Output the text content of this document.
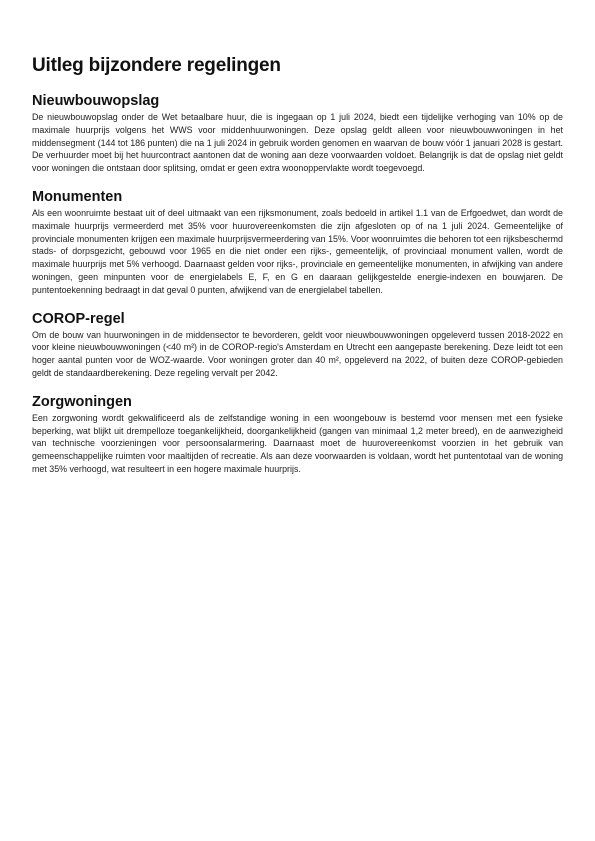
Uitleg bijzondere regelingen
Nieuwbouwopslag

De nieuwbouwopslag onder de Wet betaalbare huur, die is ingegaan op 1 juli 2024, biedt een tijdelijke verhoging van 10% op de maximale huurprijs volgens het WWS voor middenhuurwoningen. Deze opslag geldt alleen voor nieuwbouwwoningen in het middensegment (144 tot 186 punten) die na 1 juli 2024 in gebruik worden genomen en waarvan de bouw vóór 1 januari 2028 is gestart. De verhuurder moet bij het huurcontract aantonen dat de woning aan deze voorwaarden voldoet. Belangrijk is dat de opslag niet geldt voor woningen die ontstaan door splitsing, omdat er geen extra woonoppervlakte wordt toegevoegd.

Monumenten

Als een woonruimte bestaat uit of deel uitmaakt van een rijksmonument, zoals bedoeld in artikel 1.1 van de Erfgoedwet, dan wordt de maximale huurprijs vermeerderd met 35% voor huurovereenkomsten die zijn afgesloten op of na 1 juli 2024. Gemeentelijke of provinciale monumenten krijgen een maximale huurprijsvermeerdering van 15%. Voor woonruimtes die behoren tot een rijksbeschermd stads- of dorpsgezicht, gebouwd voor 1965 en die niet onder een rijks-, gemeentelijk, of provinciaal monument vallen, wordt de maximale huurprijs met 5% verhoogd. Daarnaast gelden voor rijks-, provinciale en gemeentelijke monumenten, in afwijking van andere woningen, geen minpunten voor de energielabels E, F, en G en daaraan gelijkgestelde energie-indexen en bouwjaren. De puntentoekenning bedraagt in dat geval 0 punten, afwijkend van de energielabel tabellen.

COROP-regel

Om de bouw van huurwoningen in de middensector te bevorderen, geldt voor nieuwbouwwoningen opgeleverd tussen 2018-2022 en voor kleine nieuwbouwwoningen (<40 m²) in de COROP-regio's Amsterdam en Utrecht een aangepaste berekening. Deze leidt tot een hoger aantal punten voor de WOZ-waarde. Voor woningen groter dan 40 m², opgeleverd na 2022, of buiten deze COROP-gebieden geldt de standaardberekening. Deze regeling vervalt per 2042.

Zorgwoningen

Een zorgwoning wordt gekwalificeerd als de zelfstandige woning in een woongebouw is bestemd voor mensen met een fysieke beperking, wat blijkt uit drempelloze toegankelijkheid, doorgankelijkheid (gangen van minimaal 1,2 meter breed), en de aanwezigheid van technische voorzieningen voor persoonsalarmering. Daarnaast moet de huurovereenkomst voorzien in het gebruik van gemeenschappelijke ruimten voor maaltijden of recreatie. Als aan deze voorwaarden is voldaan, wordt het puntentotaal van de woning met 35% verhoogd, wat resulteert in een hogere maximale huurprijs.
